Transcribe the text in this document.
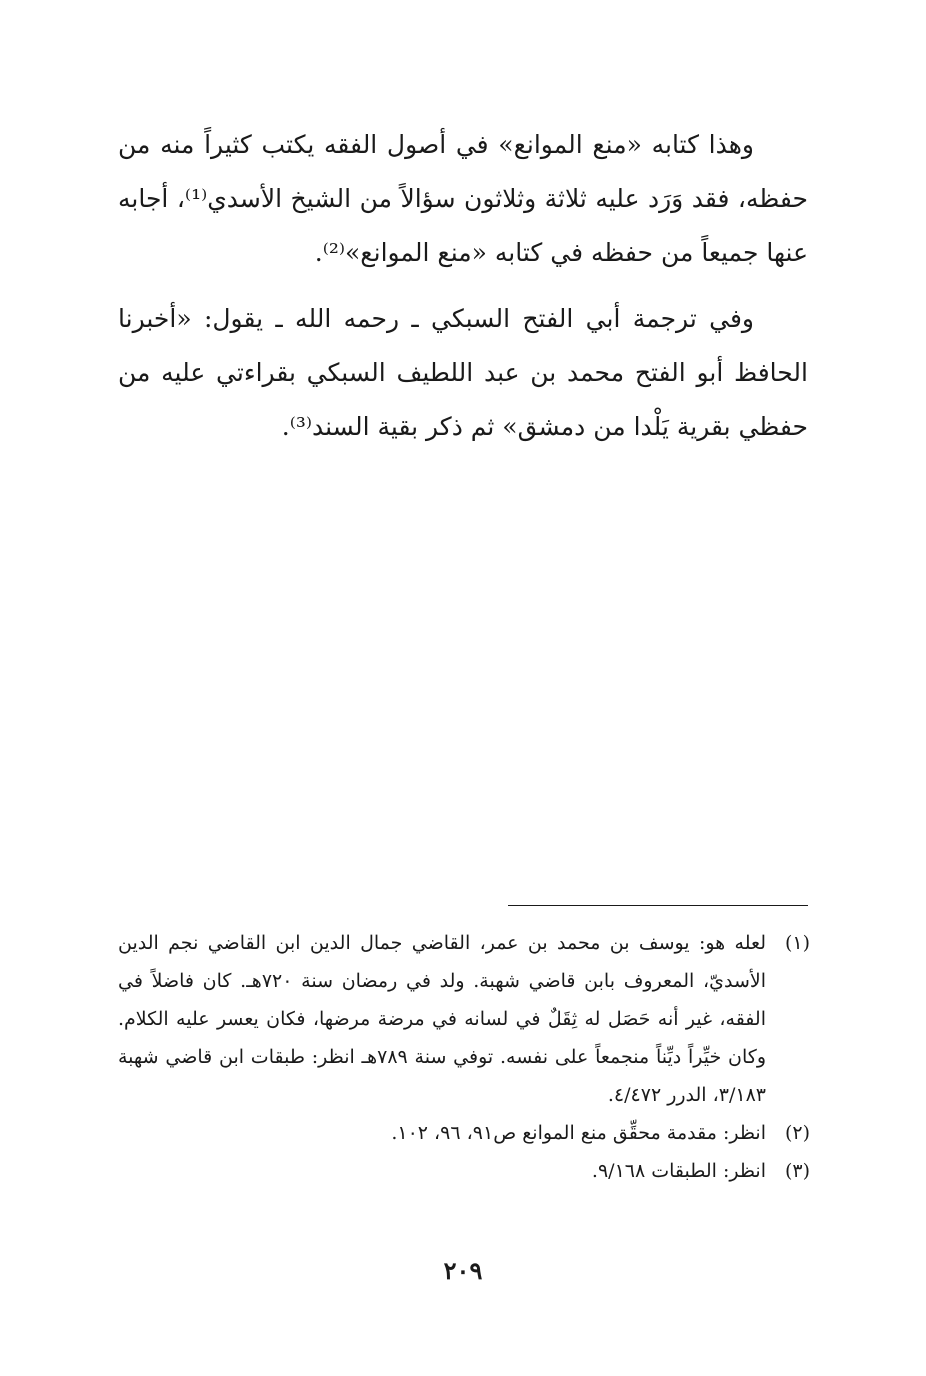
وهذا كتابه «منع الموانع» في أصول الفقه يكتب كثيراً منه من حفظه، فقد وَرَد عليه ثلاثة وثلاثون سؤالاً من الشيخ الأسدي⁽¹⁾، أجابه عنها جميعاً من حفظه في كتابه «منع الموانع»⁽²⁾.

وفي ترجمة أبي الفتح السبكي ـ رحمه الله ـ يقول: «أخبرنا الحافظ أبو الفتح محمد بن عبد اللطيف السبكي بقراءتي عليه من حفظي بقرية يَلْدا من دمشق» ثم ذكر بقية السند⁽³⁾.

(١)
لعله هو: يوسف بن محمد بن عمر، القاضي جمال الدين ابن القاضي نجم الدين الأسديّ، المعروف بابن قاضي شهبة. ولد في رمضان سنة ٧٢٠هـ. كان فاضلاً في الفقه، غير أنه حَصَل له ثِقَلٌ في لسانه في مرضة مرضها، فكان يعسر عليه الكلام. وكان خيِّراً ديِّناً منجمعاً على نفسه. توفي سنة ٧٨٩هـ انظر: طبقات ابن قاضي شهبة ٣/١٨٣، الدرر ٤/٤٧٢.
(٢)
انظر: مقدمة محقِّق منع الموانع ص٩١، ٩٦، ١٠٢.
(٣)
انظر: الطبقات ٩/١٦٨.
٢٠٩
